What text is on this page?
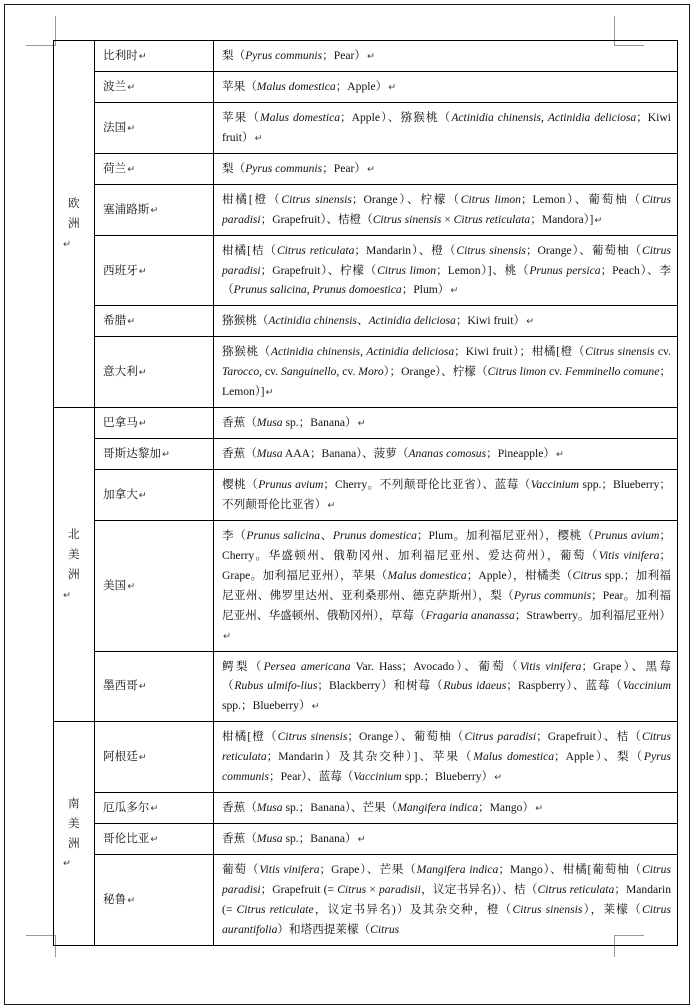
欧洲
↵	比利时↵	梨（Pyrus communis；Pear）↵
	波兰↵	苹果（Malus domestica；Apple）↵
	法国↵	苹果（Malus domestica；Apple）、猕猴桃（Actinidia chinensis, Actinidia deliciosa；Kiwi fruit）↵
	荷兰↵	梨（Pyrus communis；Pear）↵
	塞浦路斯↵	柑橘[橙（Citrus sinensis；Orange）、柠檬（Citrus limon；Lemon）、葡萄柚（Citrus paradisi；Grapefruit）、桔橙（Citrus sinensis × Citrus reticulata；Mandora）]↵
	西班牙↵	柑橘[桔（Citrus reticulata；Mandarin）、橙（Citrus sinensis；Orange）、葡萄柚（Citrus paradisi；Grapefruit）、柠檬（Citrus limon；Lemon）]、桃（Prunus persica；Peach）、李（Prunus salicina, Prunus domoestica；Plum）↵
	希腊↵	猕猴桃（Actinidia chinensis、Actinidia deliciosa；Kiwi fruit）↵
	意大利↵	猕猴桃（Actinidia chinensis, Actinidia deliciosa；Kiwi fruit）；柑橘[橙（Citrus sinensis cv. Tarocco, cv. Sanguinello, cv. Moro）；Orange）、柠檬（Citrus limon cv. Femminello comune；Lemon）]↵

北美洲
↵	巴拿马↵	香蕉（Musa sp.；Banana）↵
	哥斯达黎加↵	香蕉（Musa AAA；Banana）、菠萝（Ananas comosus；Pineapple）↵
	加拿大↵	樱桃（Prunus avium；Cherry。不列颠哥伦比亚省）、蓝莓（Vaccinium spp.；Blueberry；不列颠哥伦比亚省）↵
	美国↵	李（Prunus salicina、Prunus domestica；Plum。加利福尼亚州），樱桃（Prunus avium；Cherry。华盛顿州、俄勒冈州、加利福尼亚州、爱达荷州），葡萄（Vitis vinifera；Grape。加利福尼亚州），苹果（Malus domestica；Apple），柑橘类（Citrus spp.；加利福尼亚州、佛罗里达州、亚利桑那州、德克萨斯州），梨（Pyrus communis；Pear。加利福尼亚州、华盛顿州、俄勒冈州），草莓（Fragaria ananassa；Strawberry。加利福尼亚州）↵
	墨西哥↵	鳄梨（Persea americana Var. Hass；Avocado）、葡萄（Vitis vinifera；Grape）、黑莓（Rubus ulmifo-lius；Blackberry）和树莓（Rubus idaeus；Raspberry）、蓝莓（Vaccinium spp.；Blueberry）↵

南美洲
↵	阿根廷↵	柑橘[橙（Citrus sinensis；Orange）、葡萄柚（Citrus paradisi；Grapefruit）、桔（Citrus reticulata；Mandarin）及其杂交种）]、苹果（Malus domestica；Apple）、梨（Pyrus communis；Pear）、蓝莓（Vaccinium spp.；Blueberry）↵
	厄瓜多尔↵	香蕉（Musa sp.；Banana）、芒果（Mangifera indica；Mango）↵
	哥伦比亚↵	香蕉（Musa sp.；Banana）↵
	秘鲁↵	葡萄（Vitis vinifera；Grape）、芒果（Mangifera indica；Mango）、柑橘[葡萄柚（Citrus paradisi；Grapefruit (= Citrus × paradisii，议定书异名)）、桔（Citrus reticulata；Mandarin (= Citrus reticulate，议定书异名)）及其杂交种，橙（Citrus sinensis），莱檬（Citrus aurantifolia）和塔西提莱檬（Citrus
